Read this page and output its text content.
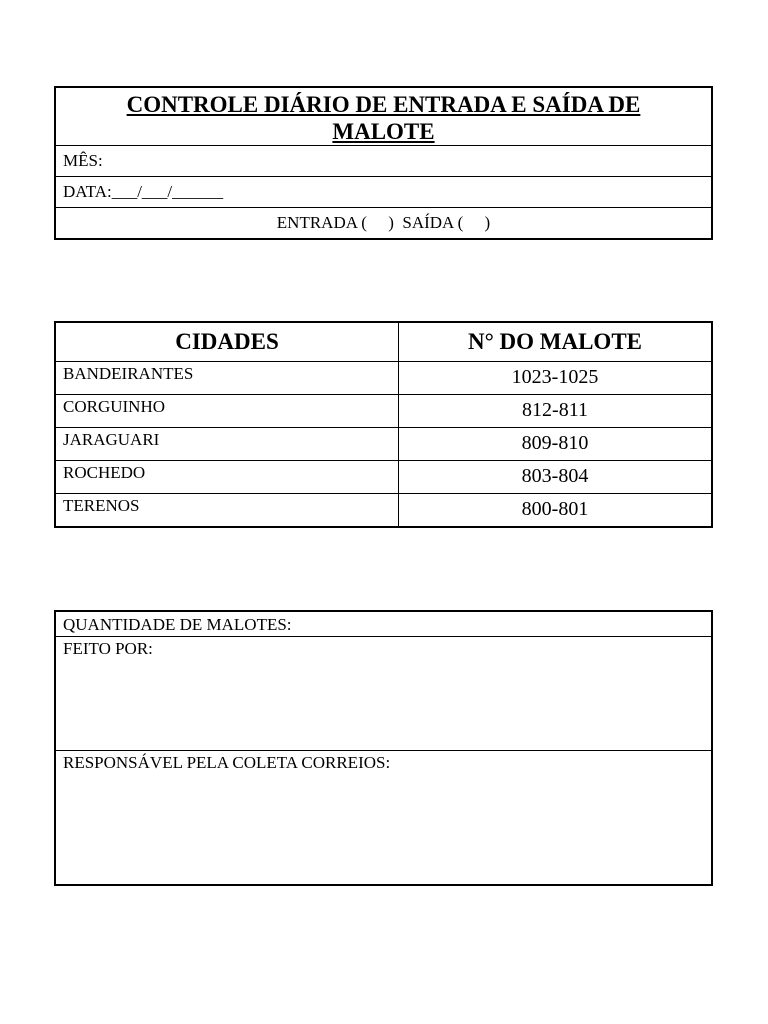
CONTROLE DIÁRIO DE ENTRADA E SAÍDA DE
MALOTE
MÊS:
DATA:___/___/______
ENTRADA (     )  SAÍDA (     )
CIDADES	N° DO MALOTE
BANDEIRANTES	1023-1025
CORGUINHO	812-811
JARAGUARI	809-810
ROCHEDO	803-804
TERENOS	800-801
QUANTIDADE DE MALOTES:
FEITO POR:
RESPONSÁVEL PELA COLETA CORREIOS:
